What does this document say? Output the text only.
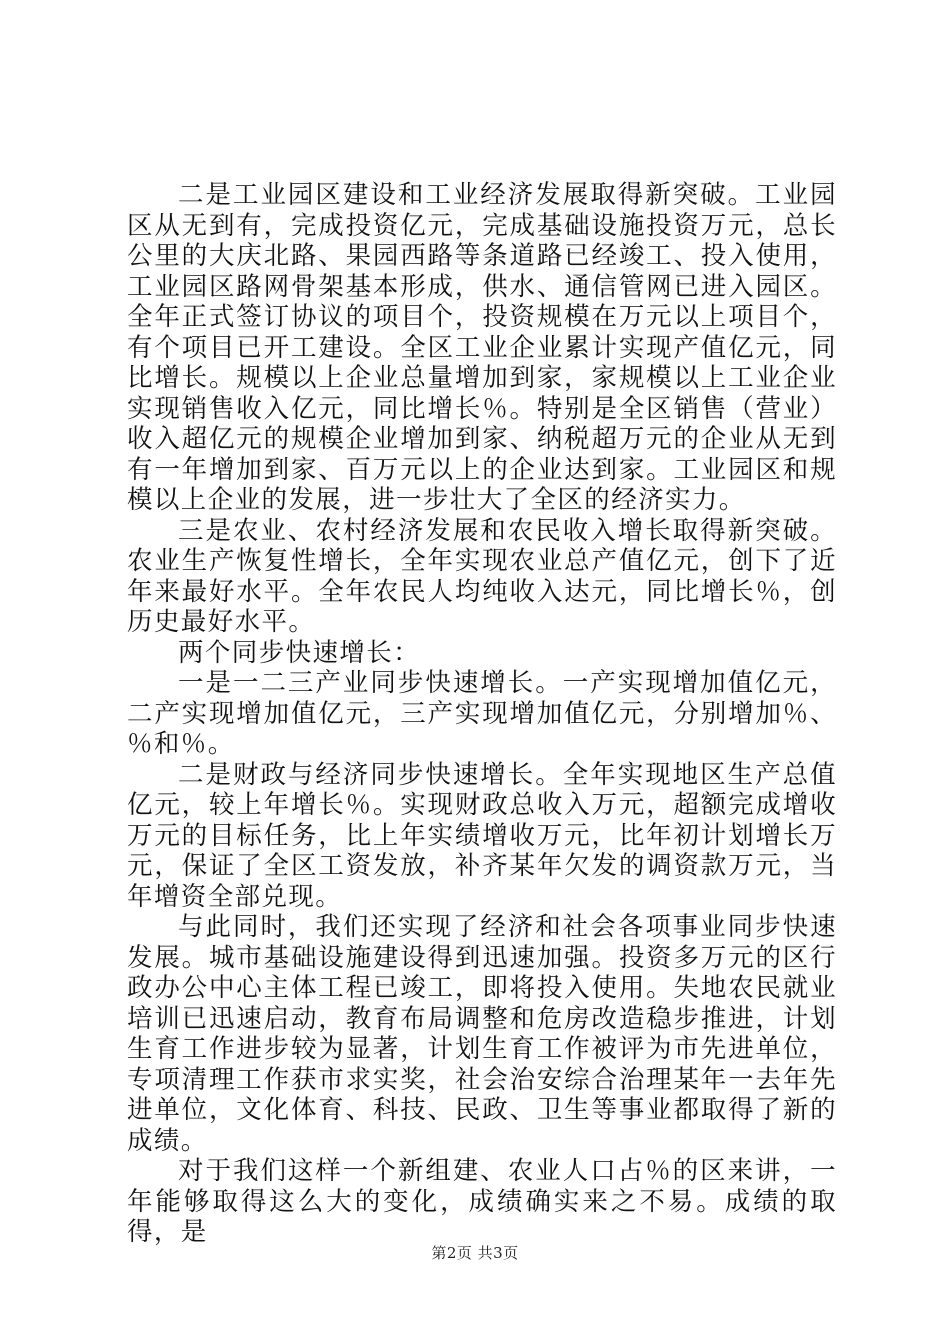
二是工业园区建设和工业经济发展取得新突破。工业园区从无到有，完成投资亿元，完成基础设施投资万元，总长公里的大庆北路、果园西路等条道路已经竣工、投入使用，工业园区路网骨架基本形成，供水、通信管网已进入园区。全年正式签订协议的项目个，投资规模在万元以上项目个，有个项目已开工建设。全区工业企业累计实现产值亿元，同比增长。规模以上企业总量增加到家，家规模以上工业企业实现销售收入亿元，同比增长％。特别是全区销售（营业）收入超亿元的规模企业增加到家、纳税超万元的企业从无到有一年增加到家、百万元以上的企业达到家。工业园区和规模以上企业的发展，进一步壮大了全区的经济实力。

三是农业、农村经济发展和农民收入增长取得新突破。农业生产恢复性增长，全年实现农业总产值亿元，创下了近年来最好水平。全年农民人均纯收入达元，同比增长％，创历史最好水平。

两个同步快速增长：

一是一二三产业同步快速增长。一产实现增加值亿元，二产实现增加值亿元，三产实现增加值亿元，分别增加％、％和％。

二是财政与经济同步快速增长。全年实现地区生产总值亿元，较上年增长％。实现财政总收入万元，超额完成增收万元的目标任务，比上年实绩增收万元，比年初计划增长万元，保证了全区工资发放，补齐某年欠发的调资款万元，当年增资全部兑现。

与此同时，我们还实现了经济和社会各项事业同步快速发展。城市基础设施建设得到迅速加强。投资多万元的区行政办公中心主体工程已竣工，即将投入使用。失地农民就业培训已迅速启动，教育布局调整和危房改造稳步推进，计划生育工作进步较为显著，计划生育工作被评为市先进单位，专项清理工作获市求实奖，社会治安综合治理某年一去年先进单位，文化体育、科技、民政、卫生等事业都取得了新的成绩。

对于我们这样一个新组建、农业人口占％的区来讲，一年能够取得这么大的变化，成绩确实来之不易。成绩的取得，是

第2页 共3页
